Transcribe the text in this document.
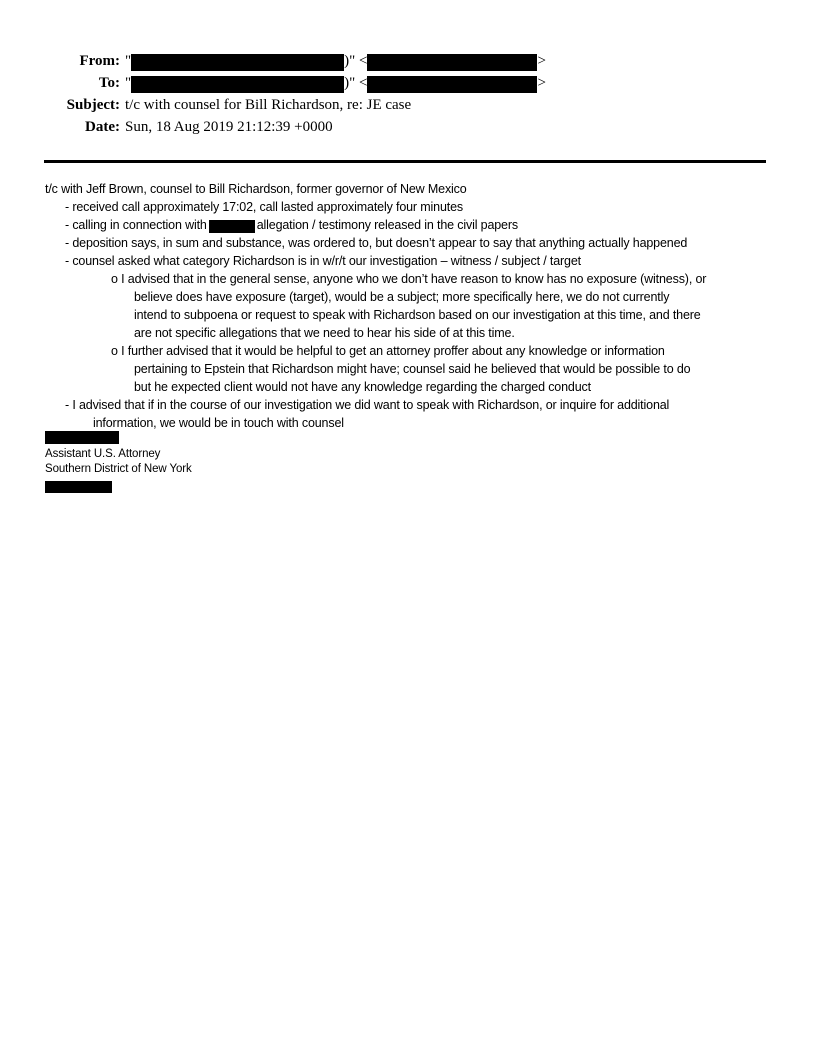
From: "	)" <	>
To: "	)" <	>
Subject: t/c with counsel for Bill Richardson, re: JE case
Date: Sun, 18 Aug 2019 21:12:39 +0000
t/c with Jeff Brown, counsel to Bill Richardson, former governor of New Mexico
- received call approximately 17:02, call lasted approximately four minutes
- calling in connection with	allegation / testimony released in the civil papers
- deposition says, in sum and substance, was ordered to, but doesn’t appear to say that anything actually happened
- counsel asked what category Richardson is in w/r/t our investigation – witness / subject / target
o I advised that in the general sense, anyone who we don’t have reason to know has no exposure (witness), or
believe does have exposure (target), would be a subject; more specifically here, we do not currently
intend to subpoena or request to speak with Richardson based on our investigation at this time, and there
are not specific allegations that we need to hear his side of at this time.
o I further advised that it would be helpful to get an attorney proffer about any knowledge or information
pertaining to Epstein that Richardson might have; counsel said he believed that would be possible to do
but he expected client would not have any knowledge regarding the charged conduct
- I advised that if in the course of our investigation we did want to speak with Richardson, or inquire for additional
information, we would be in touch with counsel
Assistant U.S. Attorney
Southern District of New York
